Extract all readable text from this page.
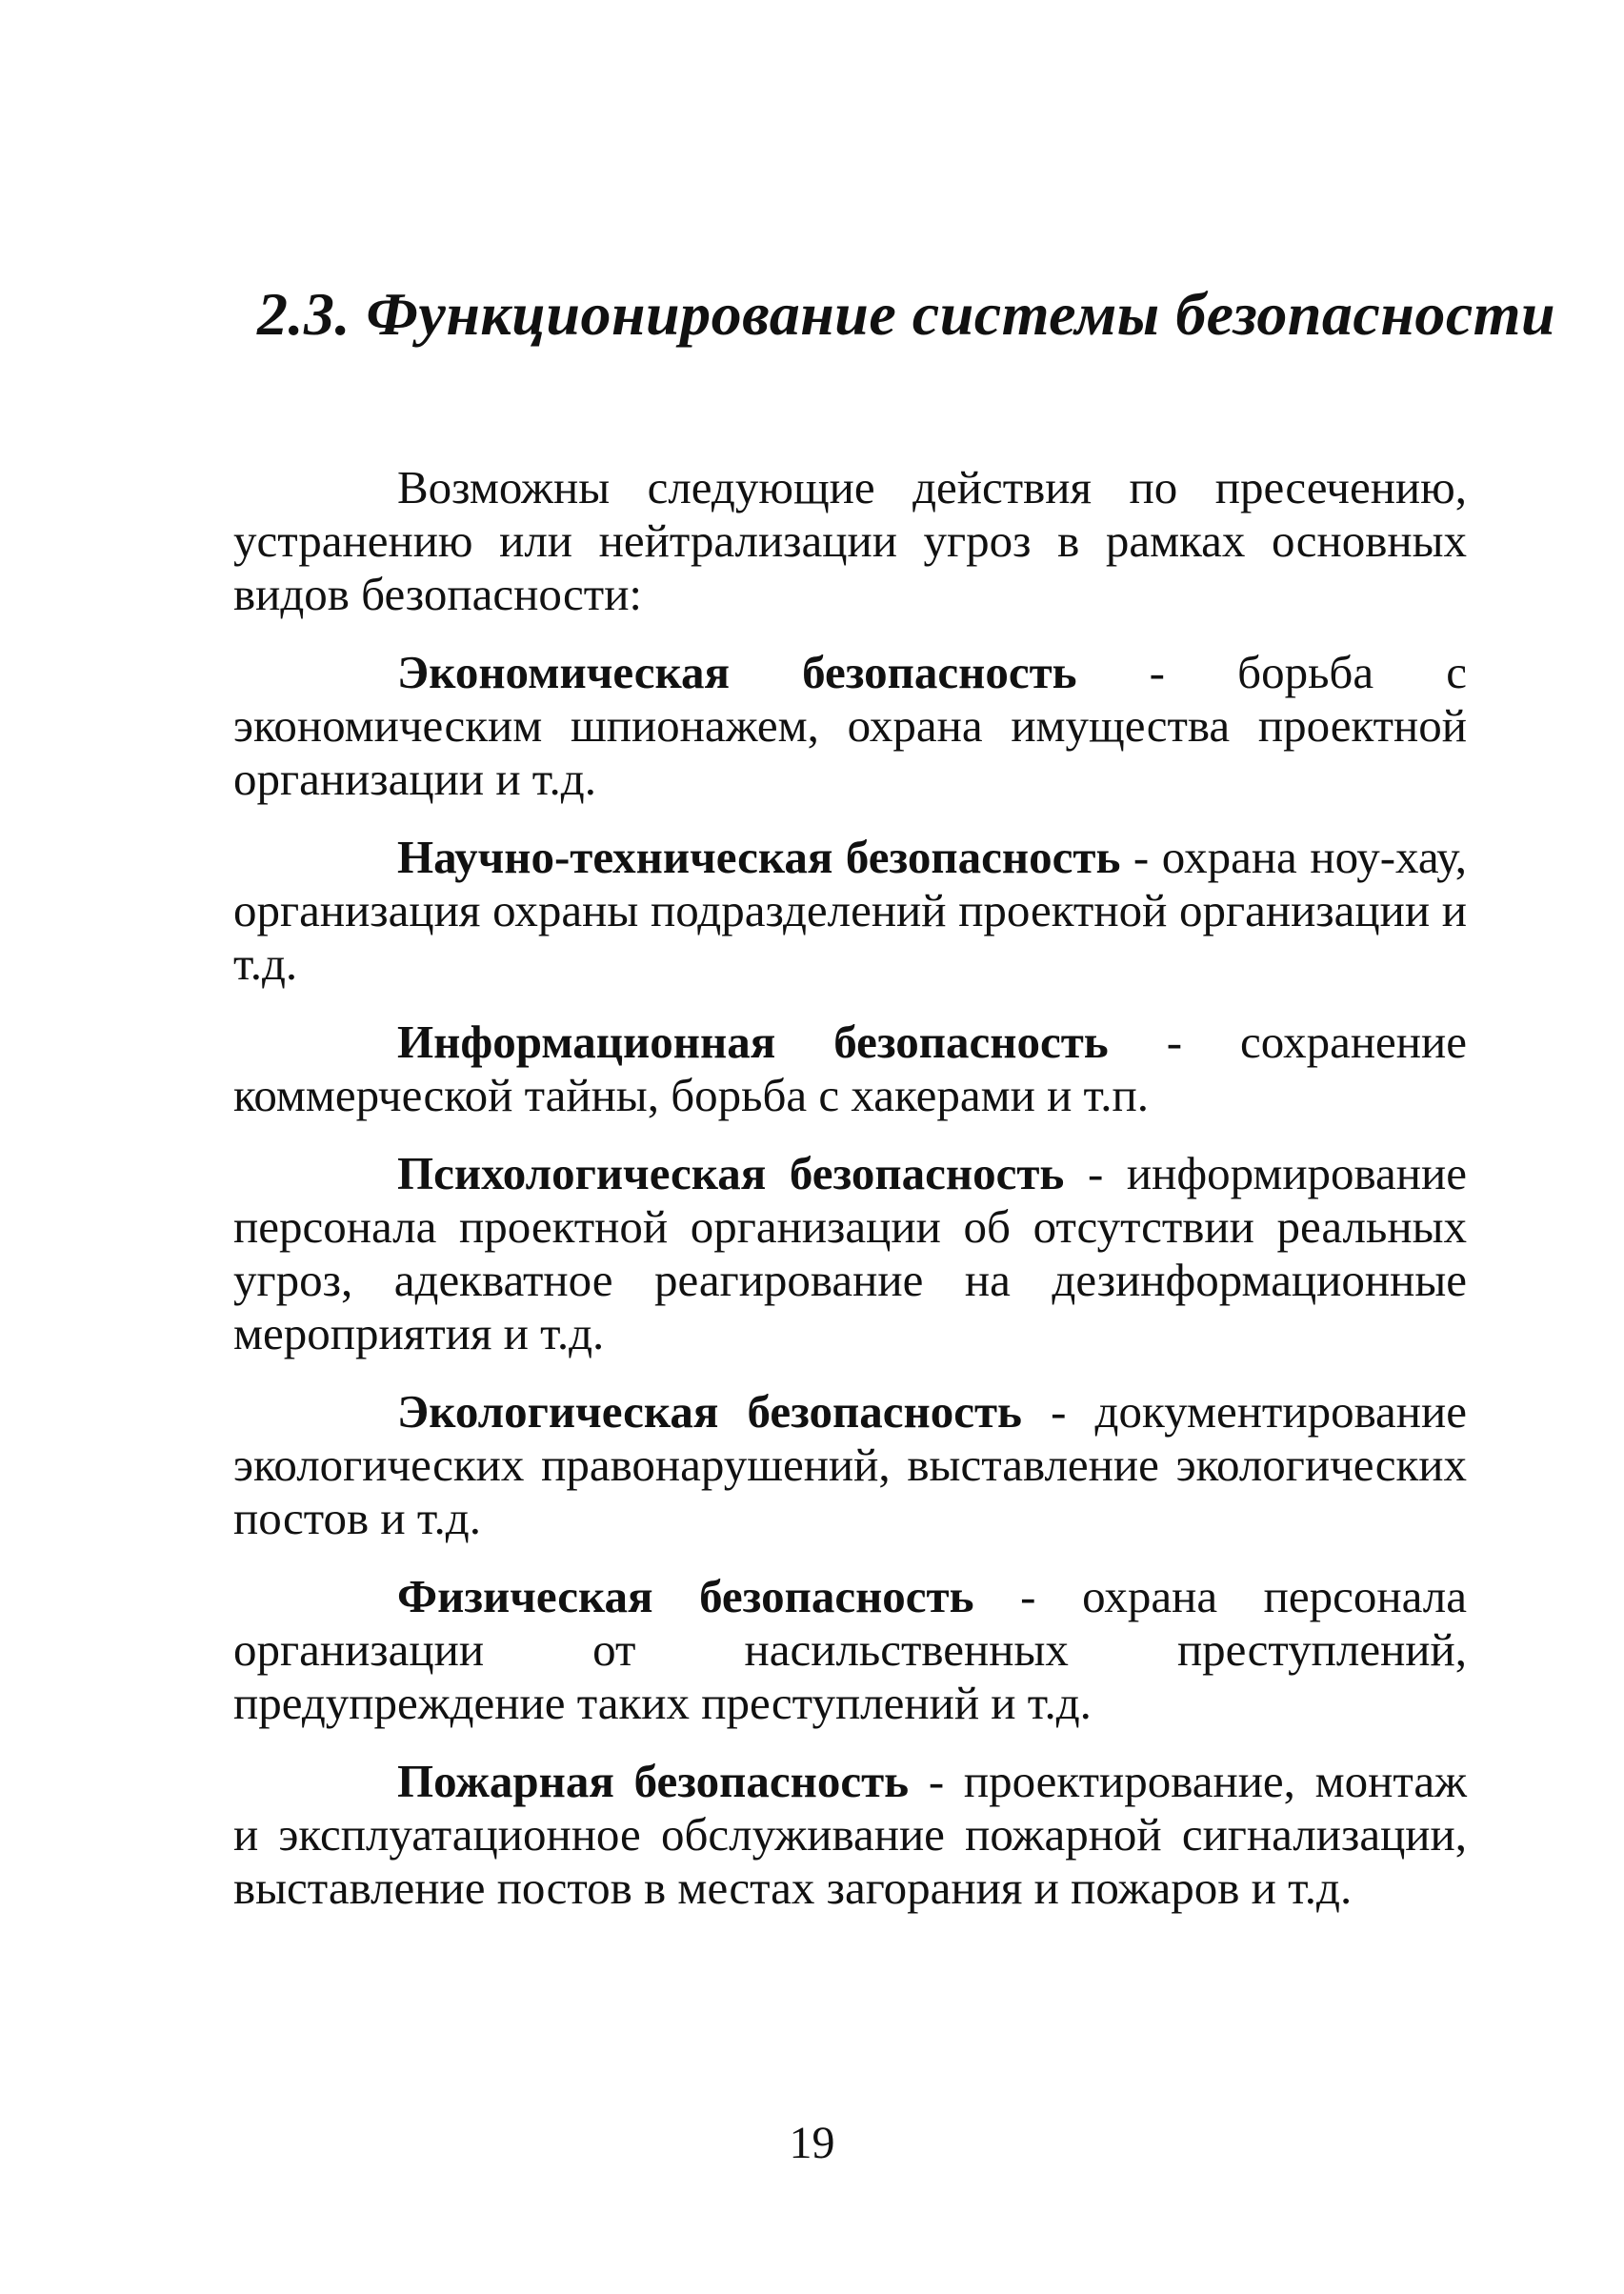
2.3. Функционирование системы безопасности

Возможны следующие действия по пресечению, устранению или нейтрализации угроз в рамках основных видов безопасности:

Экономическая безопасность - борьба с экономическим шпионажем, охрана имущества проектной организации и т.д.

Научно-техническая безопасность - охрана ноу-хау, организация охраны подразделений проектной организации и т.д.

Информационная безопасность - сохранение коммерческой тайны, борьба с хакерами и т.п.

Психологическая безопасность - информирование персонала проектной организации об отсутствии реальных угроз, адекватное реагирование на дезинформационные мероприятия и т.д.

Экологическая безопасность - документирование экологических правонарушений, выставление экологических постов и т.д.

Физическая безопасность - охрана персонала организации от насильственных преступлений, предупреждение таких преступлений и т.д.

Пожарная безопасность - проектирование, монтаж и эксплуатационное обслуживание пожарной сигнализации, выставление постов в местах загорания и пожаров и т.д.

19
